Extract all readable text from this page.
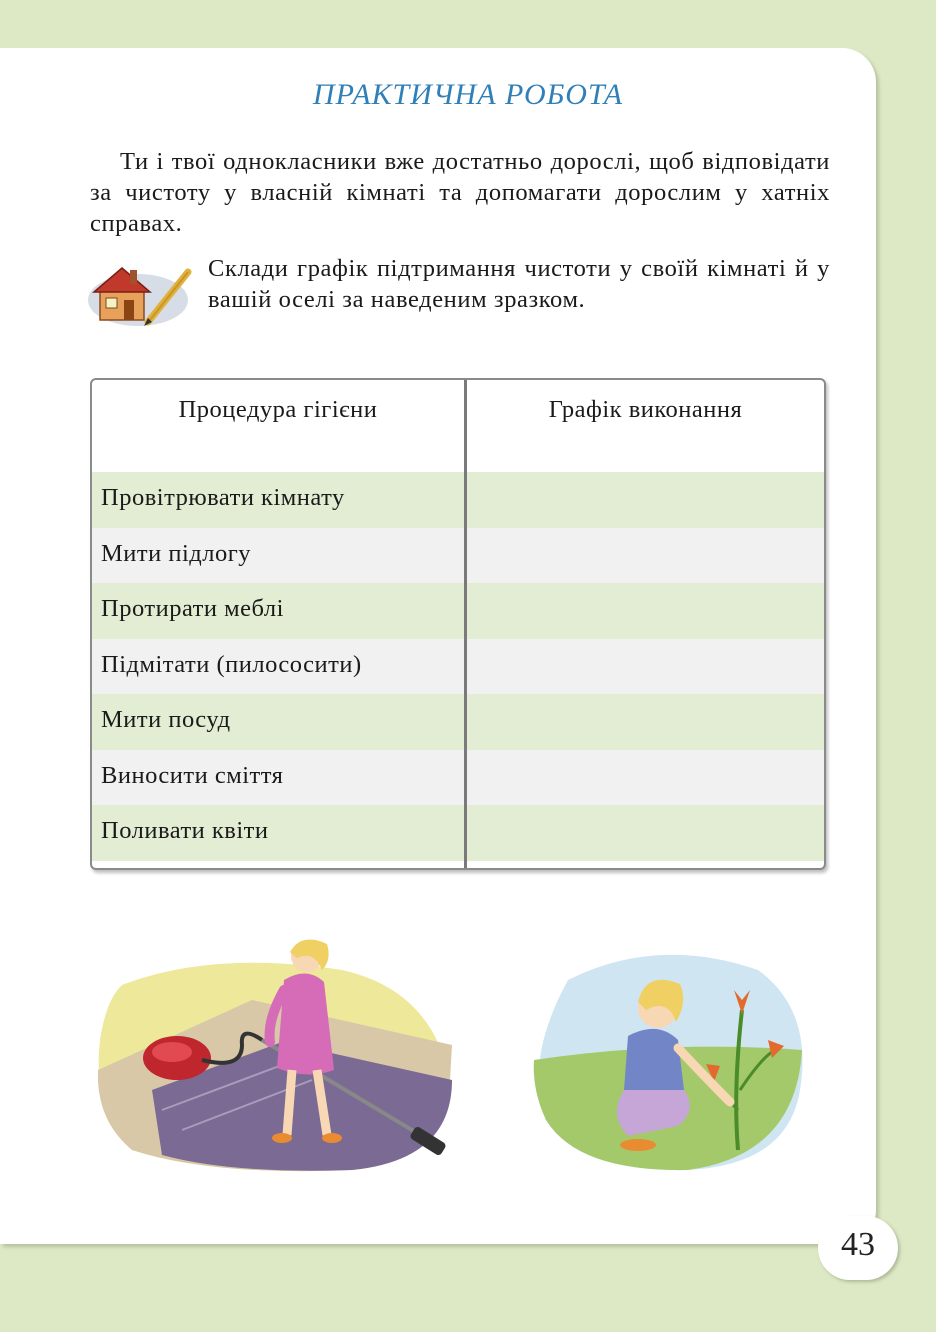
ПРАКТИЧНА РОБОТА
Ти і твої однокласники вже достатньо дорослі, щоб відповідати за чистоту у власній кімнаті та допомагати дорослим у хатніх справах.
Склади графік підтримання чистоти у своїй кімнаті й у вашій оселі за наведеним зразком.
Процедура гігієни	Графік виконання
Провітрювати кімнату
Мити підлогу
Протирати меблі
Підмітати (пилососити)
Мити посуд
Виносити сміття
Поливати квіти
43
